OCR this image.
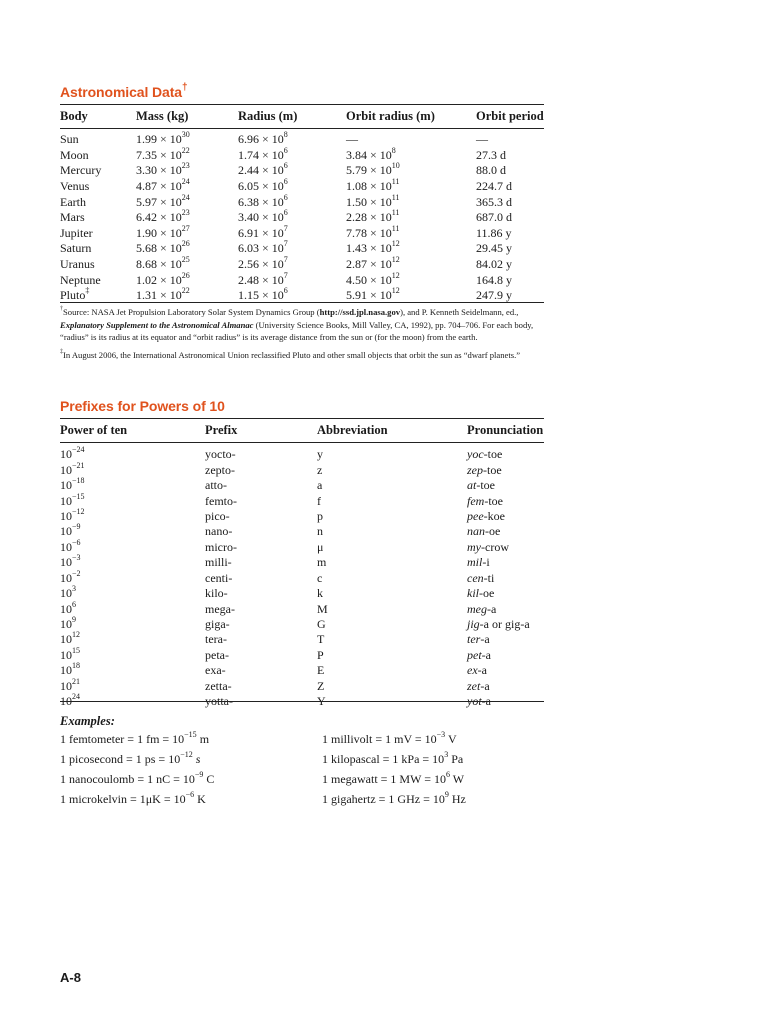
Astronomical Data†
Body	Mass (kg)	Radius (m)	Orbit radius (m)	Orbit period
Sun	$1.99 \times 10^{30}$	$6.96 \times 10^8$	—	—
Moon	$7.35 \times 10^{22}$	$1.74 \times 10^6$	$3.84 \times 10^8$	27.3 d
Mercury	$3.30 \times 10^{23}$	$2.44 \times 10^6$	$5.79 \times 10^{10}$	88.0 d
Venus	$4.87 \times 10^{24}$	$6.05 \times 10^6$	$1.08 \times 10^{11}$	224.7 d
Earth	$5.97 \times 10^{24}$	$6.38 \times 10^6$	$1.50 \times 10^{11}$	365.3 d
Mars	$6.42 \times 10^{23}$	$3.40 \times 10^6$	$2.28 \times 10^{11}$	687.0 d
Jupiter	$1.90 \times 10^{27}$	$6.91 \times 10^7$	$7.78 \times 10^{11}$	11.86 y
Saturn	$5.68 \times 10^{26}$	$6.03 \times 10^7$	$1.43 \times 10^{12}$	29.45 y
Uranus	$8.68 \times 10^{25}$	$2.56 \times 10^7$	$2.87 \times 10^{12}$	84.02 y
Neptune	$1.02 \times 10^{26}$	$2.48 \times 10^7$	$4.50 \times 10^{12}$	164.8 y
Pluto‡	$1.31 \times 10^{22}$	$1.15 \times 10^6$	$5.91 \times 10^{12}$	247.9 y

†Source: NASA Jet Propulsion Laboratory Solar System Dynamics Group (http://ssd.jpl.nasa.gov), and P. Kenneth Seidelmann, ed., Explanatory Supplement to the Astronomical Almanac (University Science Books, Mill Valley, CA, 1992), pp. 704–706. For each body, “radius” is its radius at its equator and “orbit radius” is its average distance from the sun or (for the moon) from the earth.

‡In August 2006, the International Astronomical Union reclassified Pluto and other small objects that orbit the sun as “dwarf planets.”

Prefixes for Powers of 10
Power of ten	Prefix	Abbreviation	Pronunciation
$10^{-24}$	yocto-	y	yoc-toe
$10^{-21}$	zepto-	z	zep-toe
$10^{-18}$	atto-	a	at-toe
$10^{-15}$	femto-	f	fem-toe
$10^{-12}$	pico-	p	pee-koe
$10^{-9}$	nano-	n	nan-oe
$10^{-6}$	micro-	μ	my-crow
$10^{-3}$	milli-	m	mil-i
$10^{-2}$	centi-	c	cen-ti
$10^3$	kilo-	k	kil-oe
$10^6$	mega-	M	meg-a
$10^9$	giga-	G	jig-a or gig-a
$10^{12}$	tera-	T	ter-a
$10^{15}$	peta-	P	pet-a
$10^{18}$	exa-	E	ex-a
$10^{21}$	zetta-	Z	zet-a
$10^{24}$	yotta-	Y	yot-a
Examples:
1 femtometer = 1 fm = $10^{-15}$ m
1 picosecond = 1 ps = $10^{-12}$ s
1 nanocoulomb = 1 nC = $10^{-9}$ C
1 microkelvin = $1\mu K = 10^{-6}$ K
1 millivolt = 1 mV = $10^{-3}$ V
1 kilopascal = 1 kPa = $10^3$ Pa
1 megawatt = 1 MW = $10^6$ W
1 gigahertz = 1 GHz = $10^9$ Hz
A-8
